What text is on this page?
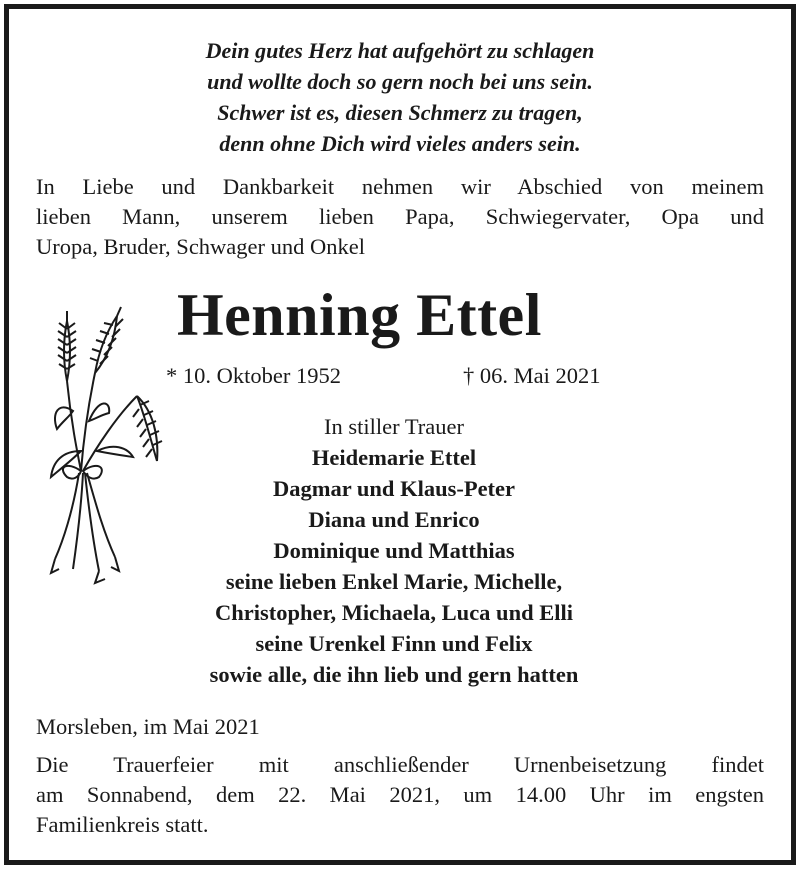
Dein gutes Herz hat aufgehört zu schlagen
und wollte doch so gern noch bei uns sein.
Schwer ist es, diesen Schmerz zu tragen,
denn ohne Dich wird vieles anders sein.
In Liebe und Dankbarkeit nehmen wir Abschied von meinem
lieben Mann, unserem lieben Papa, Schwiegervater, Opa und
Uropa, Bruder, Schwager und Onkel
Henning Ettel
* 10. Oktober 1952	† 06. Mai 2021
In stiller Trauer
Heidemarie Ettel
Dagmar und Klaus-Peter
Diana und Enrico
Dominique und Matthias
seine lieben Enkel Marie, Michelle,
Christopher, Michaela, Luca und Elli
seine Urenkel Finn und Felix
sowie alle, die ihn lieb und gern hatten
Morsleben, im Mai 2021
Die Trauerfeier mit anschließender Urnenbeisetzung findet
am Sonnabend, dem 22. Mai 2021, um 14.00 Uhr im engsten
Familienkreis statt.
